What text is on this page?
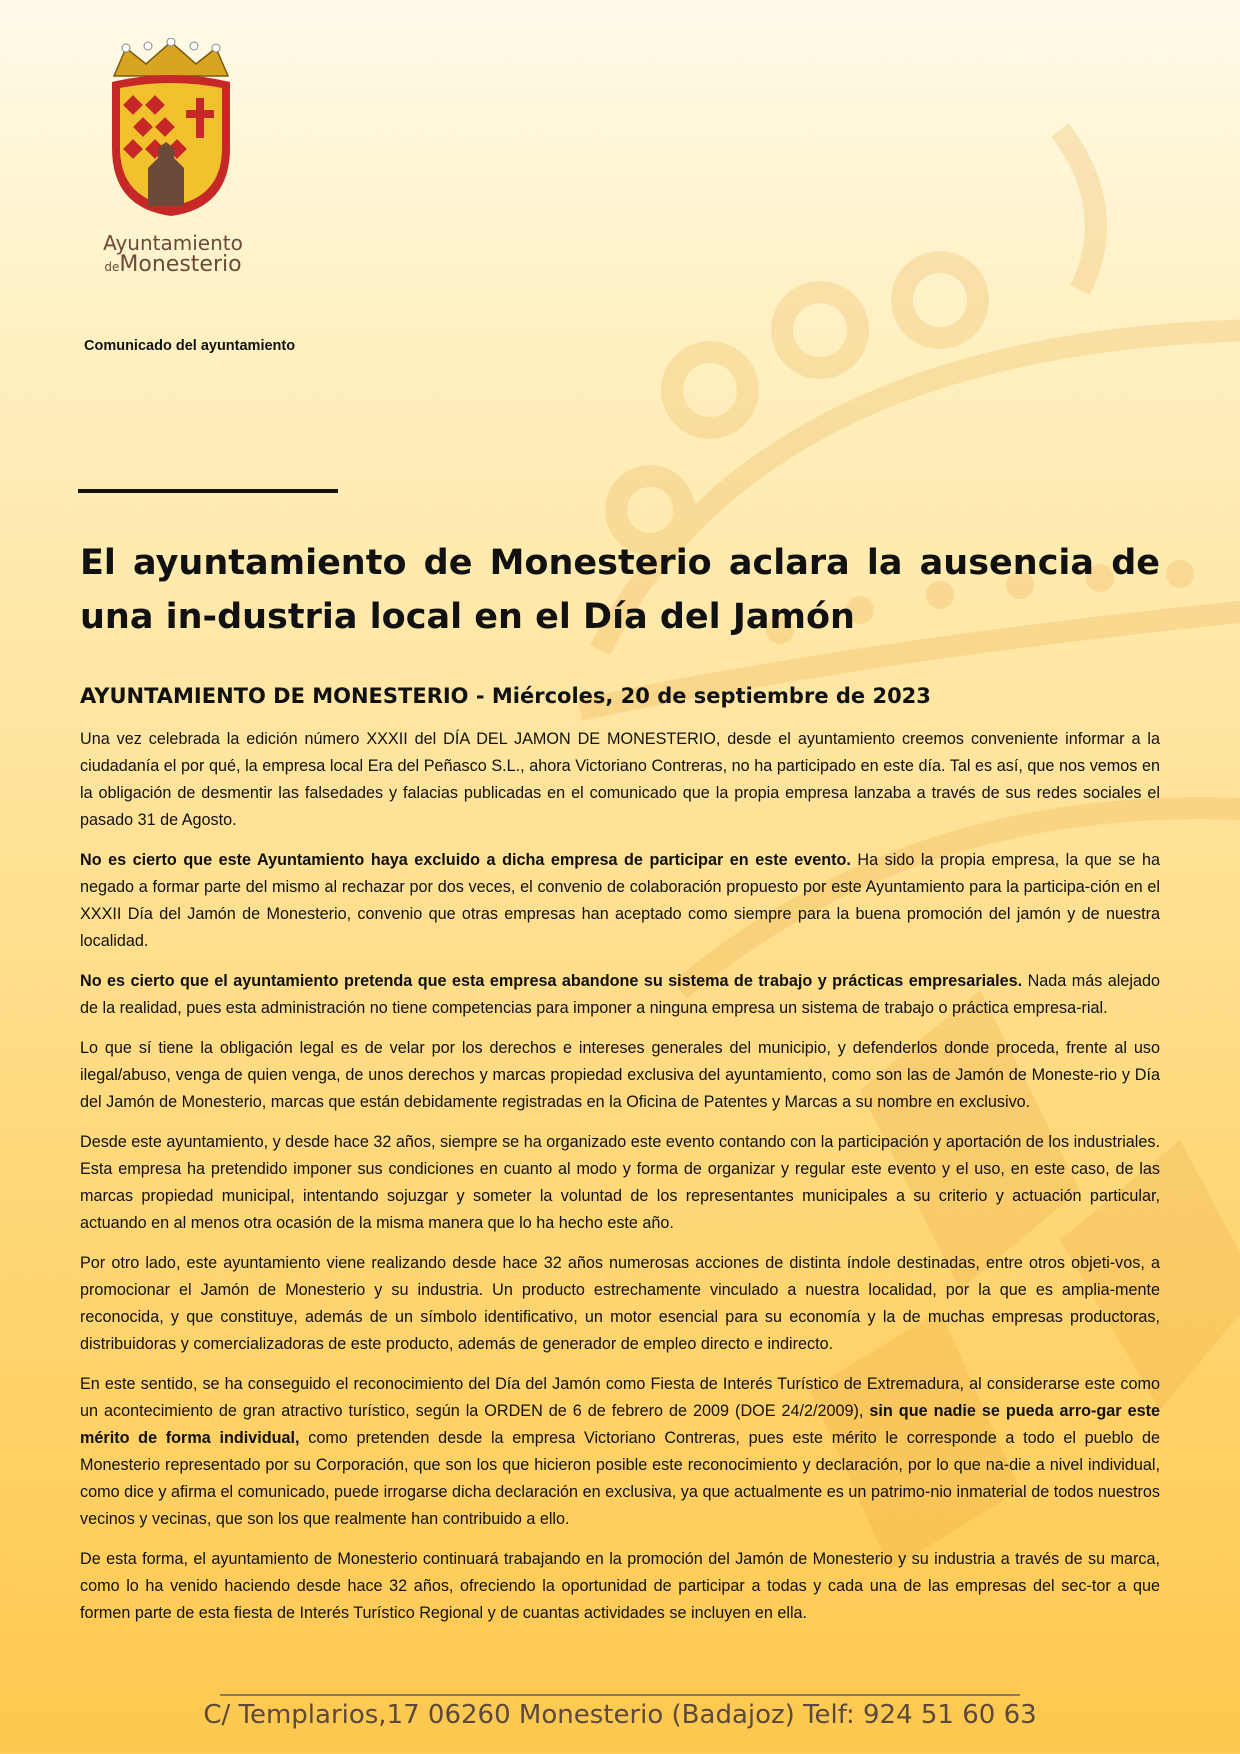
Ayuntamiento
deMonesterio
Comunicado del ayuntamiento
El ayuntamiento de Monesterio aclara la ausencia de una in-dustria local en el Día del Jamón
AYUNTAMIENTO DE MONESTERIO - Miércoles, 20 de septiembre de 2023

Una vez celebrada la edición número XXXII del DÍA DEL JAMON DE MONESTERIO, desde el ayuntamiento creemos conveniente informar a la ciudadanía el por qué, la empresa local Era del Peñasco S.L., ahora Victoriano Contreras, no ha participado en este día. Tal es así, que nos vemos en la obligación de desmentir las falsedades y falacias publicadas en el comunicado que la propia empresa lanzaba a través de sus redes sociales el pasado 31 de Agosto.

No es cierto que este Ayuntamiento haya excluido a dicha empresa de participar en este evento. Ha sido la propia empresa, la que se ha negado a formar parte del mismo al rechazar por dos veces, el convenio de colaboración propuesto por este Ayuntamiento para la participa-ción en el XXXII Día del Jamón de Monesterio, convenio que otras empresas han aceptado como siempre para la buena promoción del jamón y de nuestra localidad.

No es cierto que el ayuntamiento pretenda que esta empresa abandone su sistema de trabajo y prácticas empresariales. Nada más alejado de la realidad, pues esta administración no tiene competencias para imponer a ninguna empresa un sistema de trabajo o práctica empresa-rial.

Lo que sí tiene la obligación legal es de velar por los derechos e intereses generales del municipio, y defenderlos donde proceda, frente al uso ilegal/abuso, venga de quien venga, de unos derechos y marcas propiedad exclusiva del ayuntamiento, como son las de Jamón de Moneste-rio y Día del Jamón de Monesterio, marcas que están debidamente registradas en la Oficina de Patentes y Marcas a su nombre en exclusivo.

Desde este ayuntamiento, y desde hace 32 años, siempre se ha organizado este evento contando con la participación y aportación de los industriales. Esta empresa ha pretendido imponer sus condiciones en cuanto al modo y forma de organizar y regular este evento y el uso, en este caso, de las marcas propiedad municipal, intentando sojuzgar y someter la voluntad de los representantes municipales a su criterio y actuación particular, actuando en al menos otra ocasión de la misma manera que lo ha hecho este año.

Por otro lado, este ayuntamiento viene realizando desde hace 32 años numerosas acciones de distinta índole destinadas, entre otros objeti-vos, a promocionar el Jamón de Monesterio y su industria. Un producto estrechamente vinculado a nuestra localidad, por la que es amplia-mente reconocida, y que constituye, además de un símbolo identificativo, un motor esencial para su economía y la de muchas empresas productoras, distribuidoras y comercializadoras de este producto, además de generador de empleo directo e indirecto.

En este sentido, se ha conseguido el reconocimiento del Día del Jamón como Fiesta de Interés Turístico de Extremadura, al considerarse este como un acontecimiento de gran atractivo turístico, según la ORDEN de 6 de febrero de 2009 (DOE 24/2/2009), sin que nadie se pueda arro-gar este mérito de forma individual, como pretenden desde la empresa Victoriano Contreras, pues este mérito le corresponde a todo el pueblo de Monesterio representado por su Corporación, que son los que hicieron posible este reconocimiento y declaración, por lo que na-die a nivel individual, como dice y afirma el comunicado, puede irrogarse dicha declaración en exclusiva, ya que actualmente es un patrimo-nio inmaterial de todos nuestros vecinos y vecinas, que son los que realmente han contribuido a ello.

De esta forma, el ayuntamiento de Monesterio continuará trabajando en la promoción del Jamón de Monesterio y su industria a través de su marca, como lo ha venido haciendo desde hace 32 años, ofreciendo la oportunidad de participar a todas y cada una de las empresas del sec-tor a que formen parte de esta fiesta de Interés Turístico Regional y de cuantas actividades se incluyen en ella.

C/ Templarios,17 06260 Monesterio (Badajoz) Telf: 924 51 60 63
